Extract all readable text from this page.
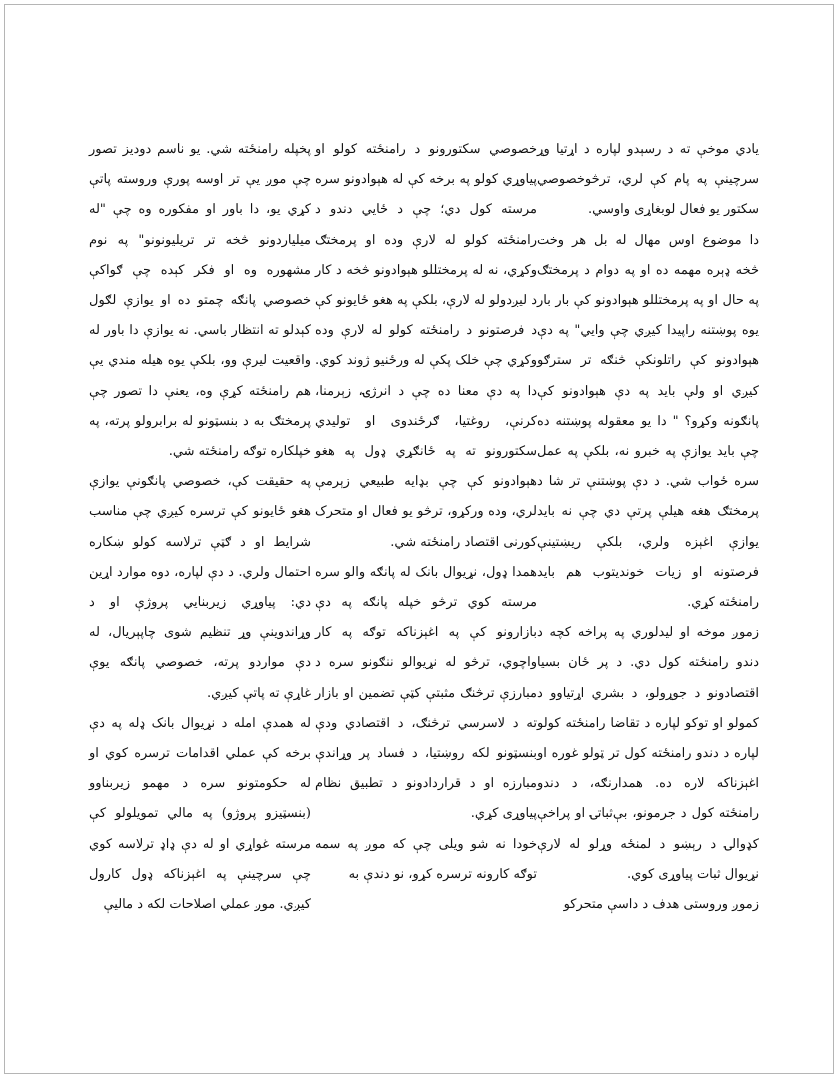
يادي موخې ته د رسېدو لپاره د اړتیا وړ سرچینې په پام کې لري، ترڅوخصوصي سکتور یو فعال لوبغاړی واوسي.

دا موضوع اوس مهال له بل هر وخت څخه ډېره مهمه ده او په دوام د پرمختګ په حال او په پرمختللو هېوادونو کې بار بار یوه پوښتنه راپیدا کیږي چې وايي" په دې هېوادونو کې راتلونکې څنګه تر سترګو کیږي او ولې باید په دې هېوادونو کې پانګونه وکړو؟ " دا یو معقوله پوښتنه ده چې باید یوازې په خبرو نه، بلکې په عمل سره ځواب شي. د دې پوښتنې تر شا د پرمختګ هغه هیلې پرتې دي چې نه باید یوازې اغېزه ولري، بلکې ریښتینې فرصتونه او زیات خونديتوب هم باید رامنځته کړي.

زموږ موخه او لیدلوري په پراخه کچه د دندو رامنځته کول دي. د پر ځان بسیا اقتصادونو د جوړولو، د بشري اړتیاوو د کمولو او توکو لپاره د تقاضا رامنځته کولو لپاره د دندو رامنځته کول تر ټولو غوره او اغېزناکه لاره ده. همدارنګه، د دندو رامنځته کول د جرمونو، بې‌ثباتۍ او پراخې کډوالۍ د رېښو د لمنځه وړلو له لارې نړیوال ثبات پياوړی کوي.

زموږ وروستی هدف د داسې متحرکو

خصوصي سکتورونو د رامنځته کولو او پیاوړي کولو په برخه کې له هېوادونو سره مرسته کول دي؛ چې د ځایي دندو د رامنځته کولو له لارې وده او پرمختګ وکړي، نه له پرمختللو هېوادونو څخه د کار د لیږدولو له لارې، بلکې په هغو ځایونو کې د فرصتونو د رامنځته کولو له لارې وده وکړي چې خلک پکې له ورځنيو ژوند کوي. دا په دې معنا ده چې د انرژۍ، زېرمنا، کرنې، روغتیا، ګرځندوی او تولیدي سکتورونو ته په ځانګړي ډول په هغو هېوادونو کې چې بډایه طبیعي زېرمې لري، وده ورکړو، ترڅو یو فعال او متحرک کورنی اقتصاد رامنځته شي.

همدا ډول، نړیوال بانک له پانګه والو سره مرسته کوي ترڅو خپله پانګه په دې بازارونو کې په اغېزناکه توګه په کار واچوي، ترڅو له نړیوالو ننګونو سره د مبارزې ترڅنګ مثبتې کټې تضمین او بازار ته د لاسرسي ترڅنګ، د اقتصادي ودې بنسټونو لکه روښتیا، د فساد پر وړاندې مبارزه او د قراردادونو د تطبیق نظام پیاوړی کړي.

خودا نه شو ویلی چې که موږ په سمه توګه کارونه ترسره کړو، نو دندې به

پخپله رامنځته شي. یو ناسم دوديز تصور چې موږ یې تر اوسه پورې وروسته پاتې کړي یو، دا باور او مفکوره وه چې "له میلیاردونو څخه تر تریلیونونو" په نوم مشهوره وه او فکر کېده چې ګواکې خصوصي پانګه چمتو ده او یوازې لګول کېدلو ته انتظار باسي. نه یوازې دا باور له واقعیت لیرې وو، بلکې یوه هیله مندي یې هم رامنځته کړې وه، یعنې دا تصور چې پرمختګ به د بنسټونو له برابرولو پرته، په خپلکاره توګه رامنځته شي.

په حقیقت کې، خصوصي پانګونې یوازې هغو ځایونو کې ترسره کیږي چې مناسب شرایط او د ګټې ترلاسه کولو ښکاره احتمال ولري. د دې لپاره، دوه موارد اړین دي: پیاوړي زیربنايي پروژې او د وړاندوینې وړ تنظیم شوی چاپېریال، له دې مواردو پرته، خصوصي پانګه یوې غاړې ته پاتې کیږي.

له همدې امله د نړیوال بانک ډله په دې برخه کې عملي اقدامات ترسره کوي او له حکومتونو سره د مهمو زیربناوو (بنسټیزو پروژو) په مالي تمویلولو کې مرسته غواړي او له دې ډاډ ترلاسه کوي چې سرچینې په اغېزناکه ډول کارول کیږي. موږ عملي اصلاحات لکه د مالیې
